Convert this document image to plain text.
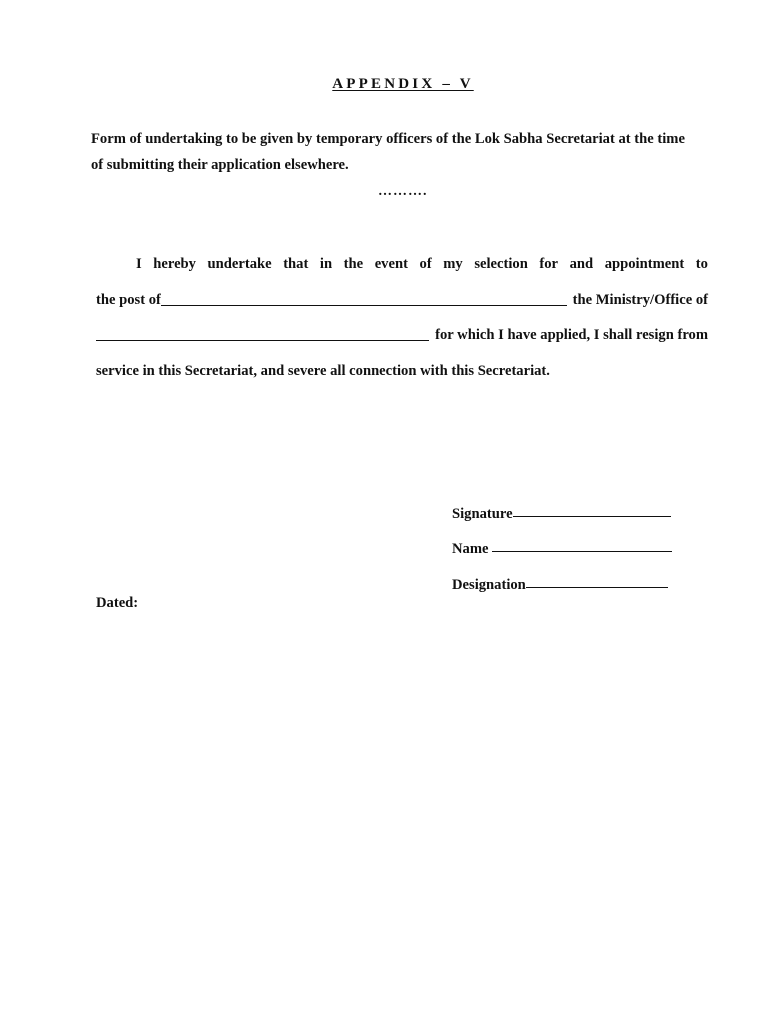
APPENDIX – V
Form of undertaking to be given by temporary officers of the Lok Sabha Secretariat at the time
of submitting their application elsewhere.
……….
I hereby undertake that in the event of my selection for and appointment to
the post of	the Ministry/Office of
for which I have applied, I shall resign from
service in this Secretariat, and severe all connection with this Secretariat.
Signature
Name
Designation
Dated:
